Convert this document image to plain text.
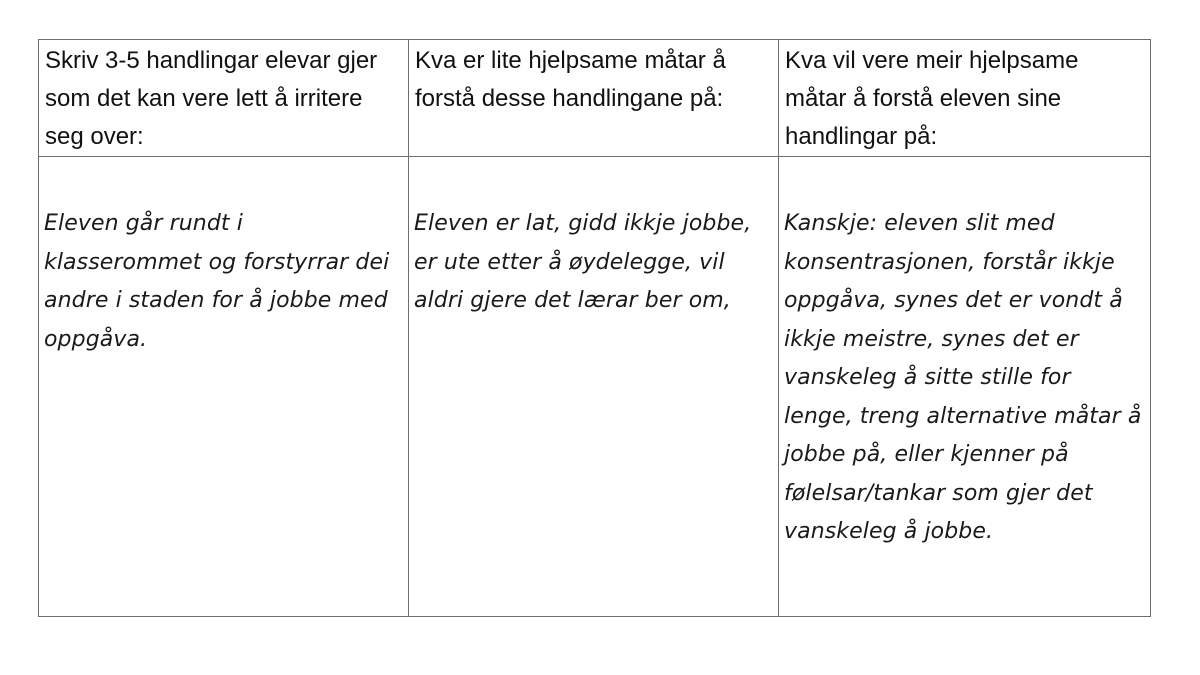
Skriv 3-5 handlingar elevar gjer som det kan vere lett å irritere seg over:	Kva er lite hjelpsame måtar å forstå desse handlingane på:	Kva vil vere meir hjelpsame måtar å forstå eleven sine handlingar på:

Eleven går rundt i klasserommet og forstyrrar dei andre i staden for å jobbe med oppgåva.	Eleven er lat, gidd ikkje jobbe, er ute etter å øydelegge, vil aldri gjere det lærar ber om,	Kanskje: eleven slit med konsentrasjonen, forstår ikkje oppgåva, synes det er vondt å ikkje meistre, synes det er vanskeleg å sitte stille for lenge, treng alternative måtar å jobbe på, eller kjenner på følelsar/tankar som gjer det vanskeleg å jobbe.
